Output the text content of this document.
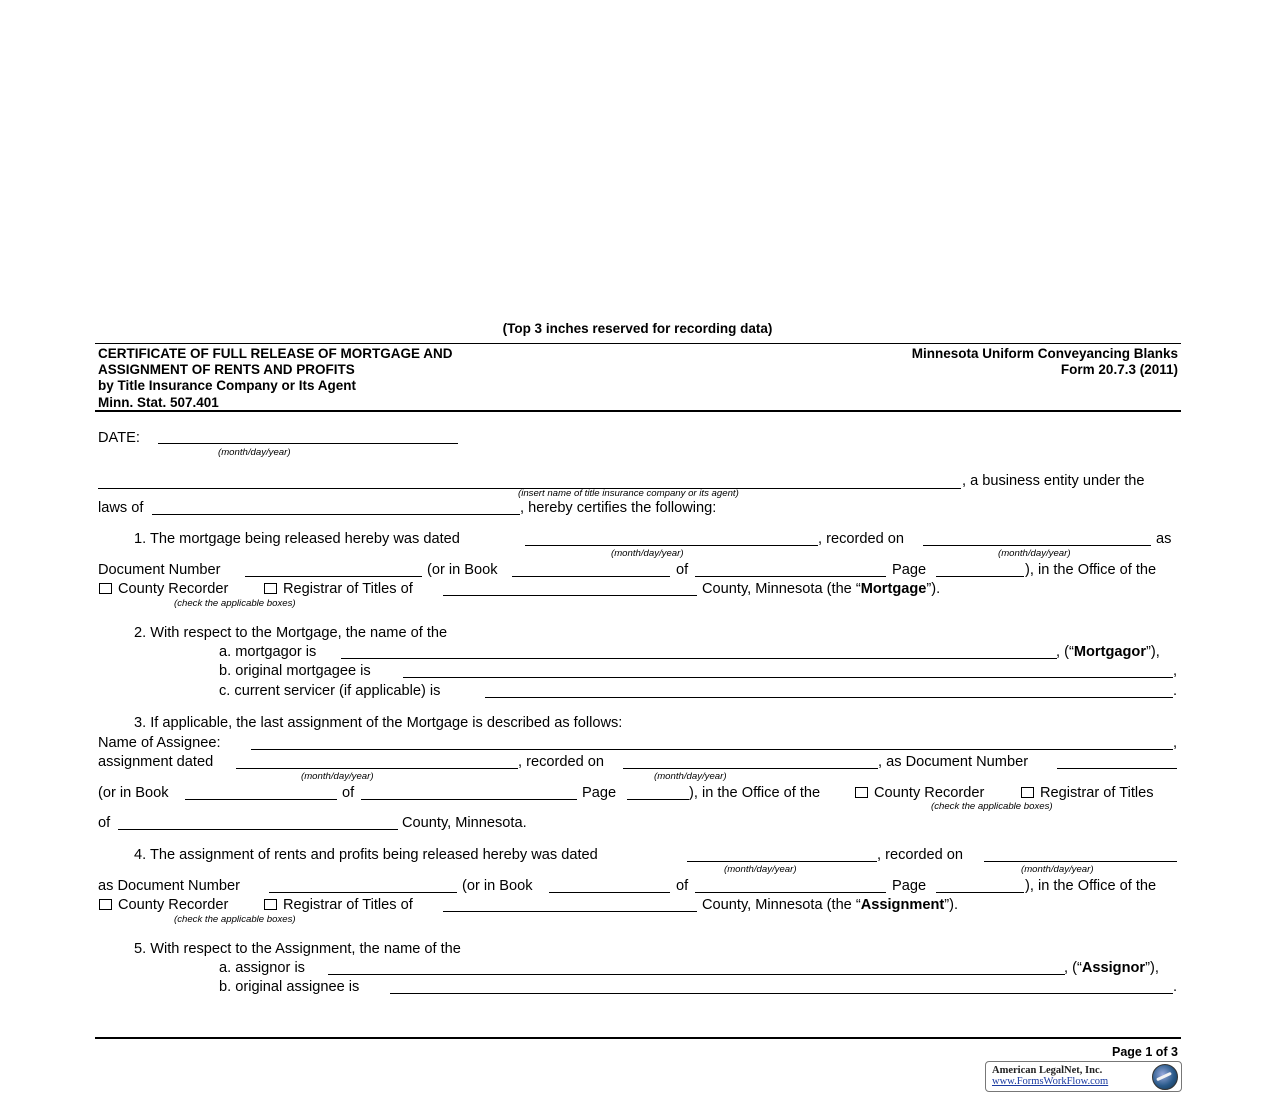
(Top 3 inches reserved for recording data)
CERTIFICATE OF FULL RELEASE OF MORTGAGE AND
ASSIGNMENT OF RENTS AND PROFITS
by Title Insurance Company or Its Agent
Minn. Stat. 507.401
Minnesota Uniform Conveyancing Blanks
Form 20.7.3 (2011)
DATE:
(month/day/year)
, a business entity under the
(insert name of title insurance company or its agent)
laws of	, hereby certifies the following:
1. The mortgage being released hereby was dated	, recorded on	as
(month/day/year)	(month/day/year)
Document Number	(or in Book	of	Page	), in the Office of the
County Recorder	Registrar of Titles of	County, Minnesota (the “Mortgage”).
(check the applicable boxes)
2. With respect to the Mortgage, the name of the
a. mortgagor is	, (“Mortgagor”),
b. original mortgagee is	,
c. current servicer (if applicable) is	.
3. If applicable, the last assignment of the Mortgage is described as follows:
Name of Assignee:	,
assignment dated	, recorded on	, as Document Number
(month/day/year)	(month/day/year)
(or in Book	of	Page	), in the Office of the	County Recorder	Registrar of Titles
(check the applicable boxes)
of	County, Minnesota.
4. The assignment of rents and profits being released hereby was dated	, recorded on
(month/day/year)	(month/day/year)
as Document Number	(or in Book	of	Page	), in the Office of the
County Recorder	Registrar of Titles of	County, Minnesota (the “Assignment”).
(check the applicable boxes)
5. With respect to the Assignment, the name of the
a. assignor is	, (“Assignor”),
b. original assignee is	.
Page 1 of 3
American LegalNet, Inc.
www.FormsWorkFlow.com
